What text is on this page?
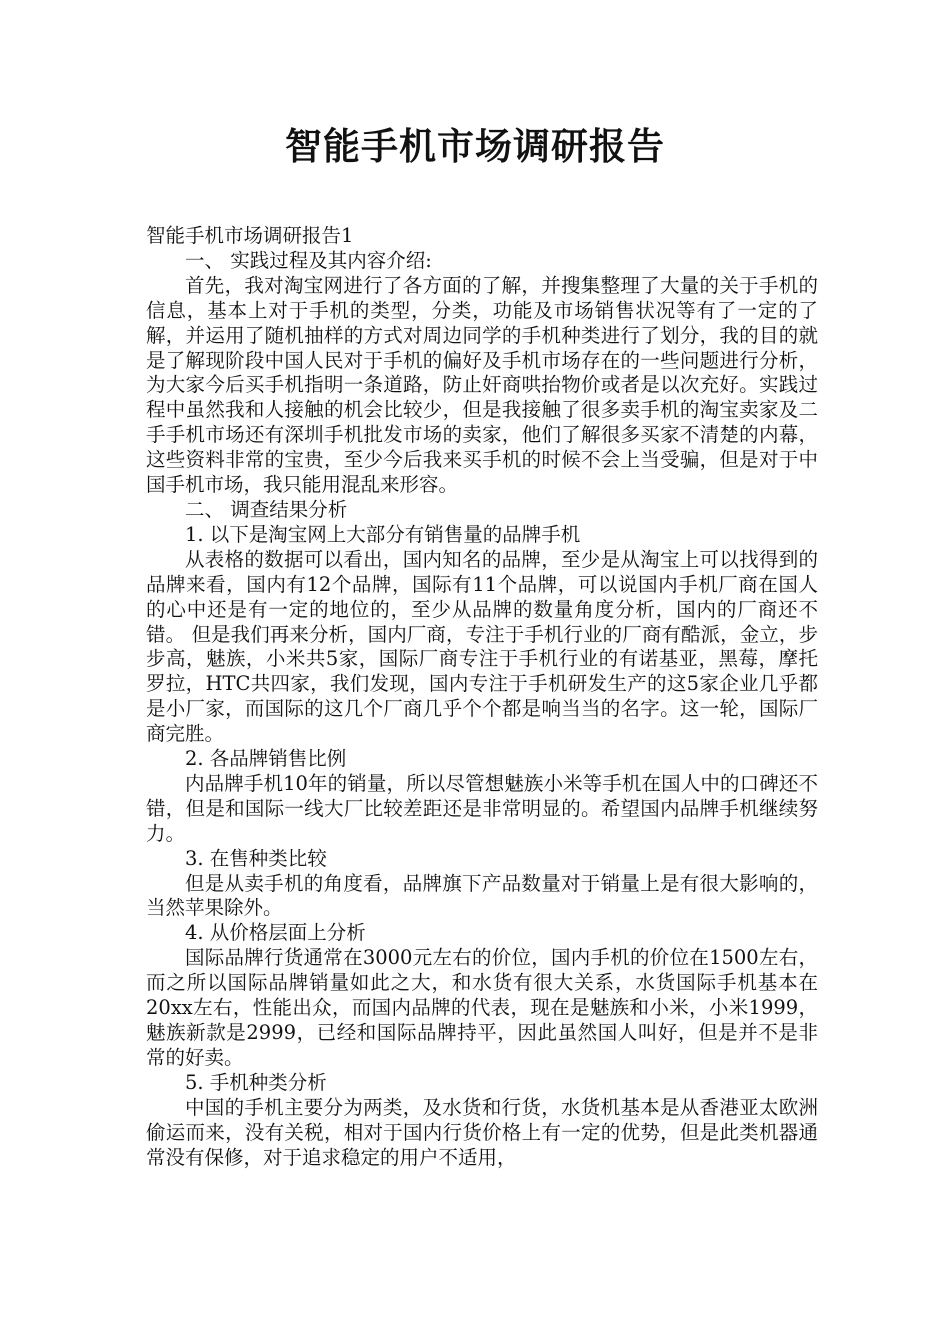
智能手机市场调研报告

智能手机市场调研报告1

一、 实践过程及其内容介绍:

首先，我对淘宝网进行了各方面的了解，并搜集整理了大量的关于手机的信息，基本上对于手机的类型，分类，功能及市场销售状况等有了一定的了解，并运用了随机抽样的方式对周边同学的手机种类进行了划分，我的目的就是了解现阶段中国人民对于手机的偏好及手机市场存在的一些问题进行分析，为大家今后买手机指明一条道路，防止奸商哄抬物价或者是以次充好。实践过程中虽然我和人接触的机会比较少，但是我接触了很多卖手机的淘宝卖家及二手手机市场还有深圳手机批发市场的卖家，他们了解很多买家不清楚的内幕，这些资料非常的宝贵，至少今后我来买手机的时候不会上当受骗，但是对于中国手机市场，我只能用混乱来形容。

二、 调查结果分析

1. 以下是淘宝网上大部分有销售量的品牌手机

从表格的数据可以看出，国内知名的品牌，至少是从淘宝上可以找得到的品牌来看，国内有12个品牌，国际有11个品牌，可以说国内手机厂商在国人的心中还是有一定的地位的，至少从品牌的数量角度分析，国内的厂商还不错。 但是我们再来分析，国内厂商，专注于手机行业的厂商有酷派，金立，步步高，魅族，小米共5家，国际厂商专注于手机行业的有诺基亚，黑莓，摩托罗拉，HTC共四家，我们发现，国内专注于手机研发生产的这5家企业几乎都是小厂家，而国际的这几个厂商几乎个个都是响当当的名字。这一轮，国际厂商完胜。

2. 各品牌销售比例

内品牌手机10年的销量，所以尽管想魅族小米等手机在国人中的口碑还不错，但是和国际一线大厂比较差距还是非常明显的。希望国内品牌手机继续努力。

3. 在售种类比较

但是从卖手机的角度看，品牌旗下产品数量对于销量上是有很大影响的，当然苹果除外。

4. 从价格层面上分析

国际品牌行货通常在3000元左右的价位，国内手机的价位在1500左右，而之所以国际品牌销量如此之大，和水货有很大关系，水货国际手机基本在20xx左右，性能出众，而国内品牌的代表，现在是魅族和小米，小米1999，魅族新款是2999，已经和国际品牌持平，因此虽然国人叫好，但是并不是非常的好卖。

5. 手机种类分析

中国的手机主要分为两类，及水货和行货，水货机基本是从香港亚太欧洲偷运而来，没有关税，相对于国内行货价格上有一定的优势，但是此类机器通常没有保修，对于追求稳定的用户不适用，
